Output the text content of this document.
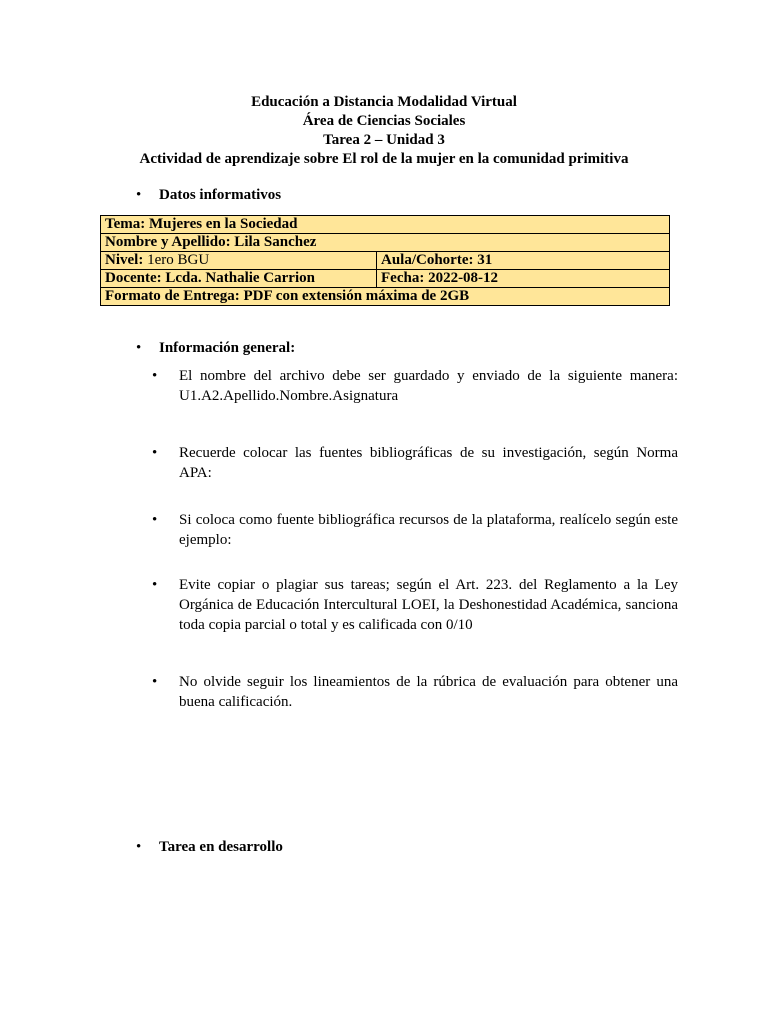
Educación a Distancia Modalidad Virtual
Área de Ciencias Sociales
Tarea 2 – Unidad 3
Actividad de aprendizaje sobre El rol de la mujer en la comunidad primitiva
• Datos informativos
Tema: Mujeres en la Sociedad	
Nombre y Apellido: Lila Sanchez	
Nivel: 1ero BGU	Aula/Cohorte: 31
Docente: Lcda. Nathalie Carrion	Fecha: 2022-08-12
Formato de Entrega: PDF con extensión máxima de 2GB	
• Información general:
• El nombre del archivo debe ser guardado y enviado de la siguiente manera: U1.A2.Apellido.Nombre.Asignatura
• Recuerde colocar las fuentes bibliográficas de su investigación, según Norma APA:
• Si coloca como fuente bibliográfica recursos de la plataforma, realícelo según este ejemplo:
• Evite copiar o plagiar sus tareas; según el Art. 223. del Reglamento a la Ley Orgánica de Educación Intercultural LOEI, la Deshonestidad Académica, sanciona toda copia parcial o total y es calificada con 0/10
• No olvide seguir los lineamientos de la rúbrica de evaluación para obtener una buena calificación.
• Tarea en desarrollo
